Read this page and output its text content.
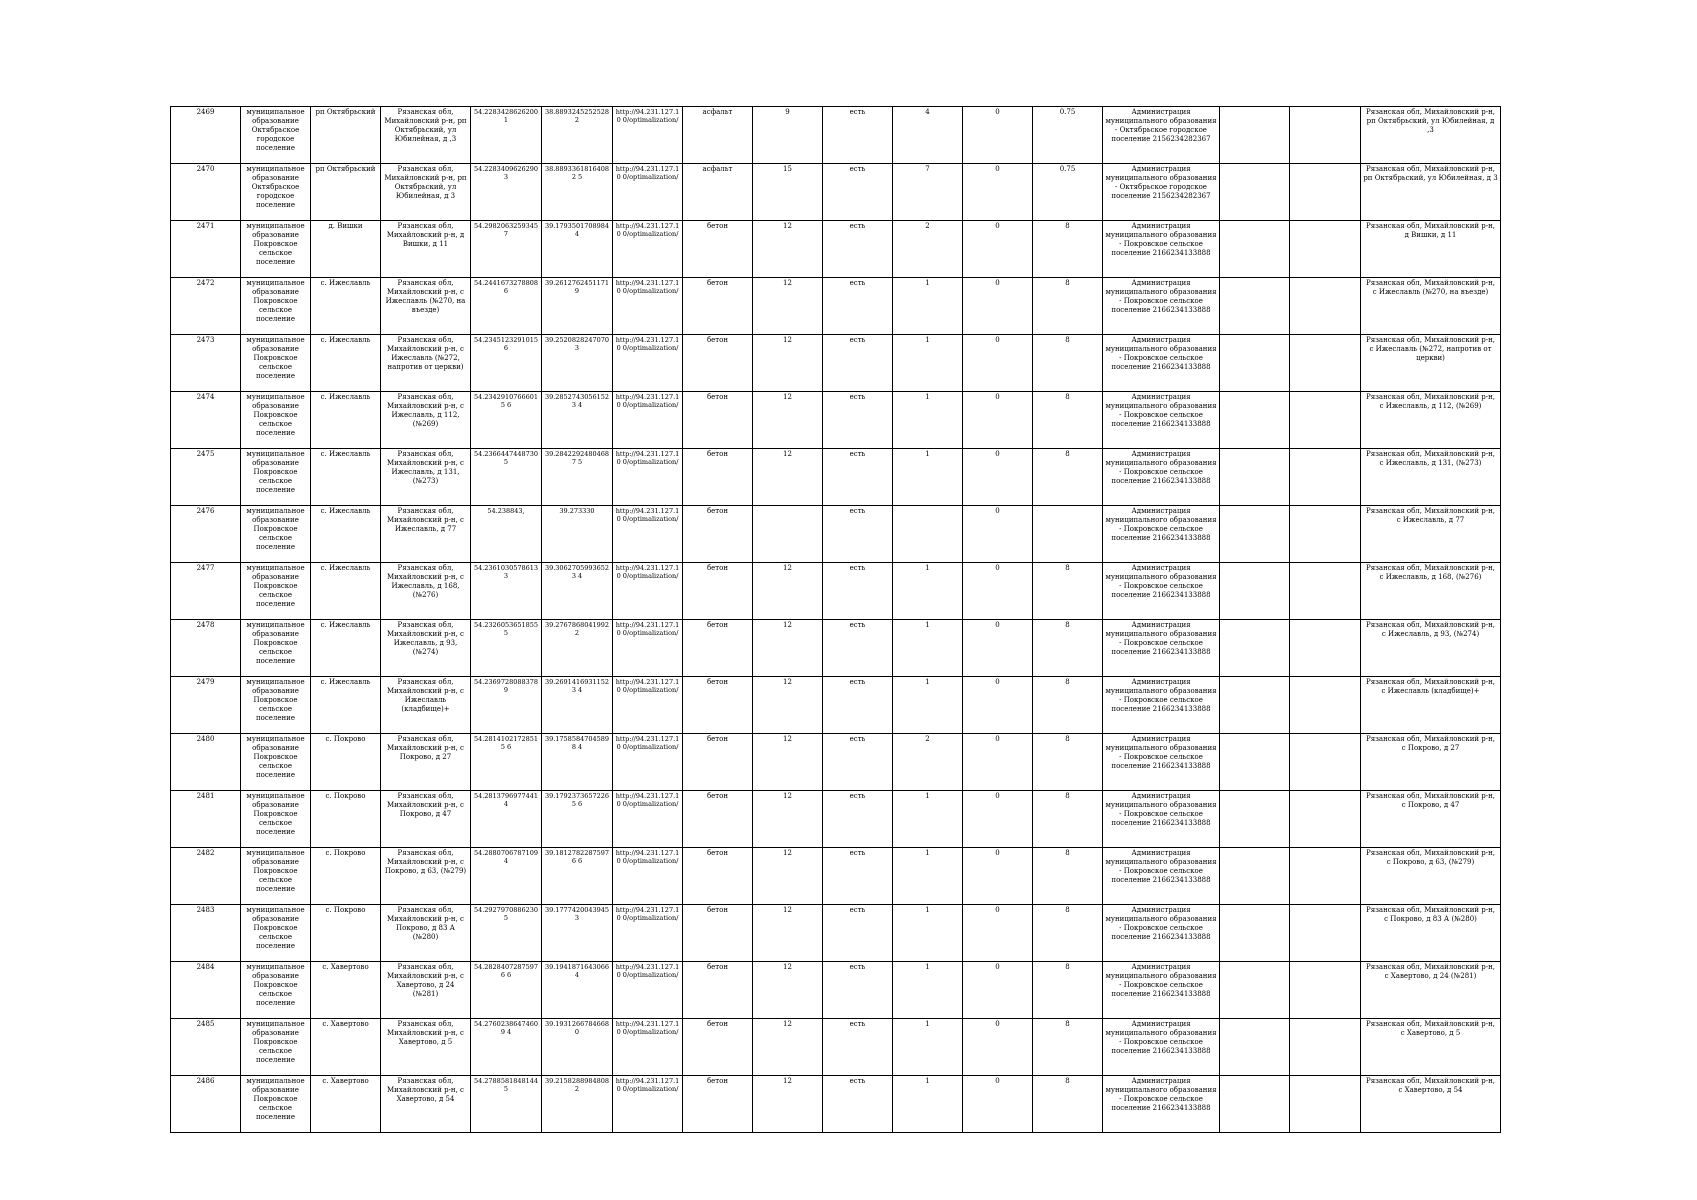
2469	муниципальное образование Октябрьское городское поселение	рп Октябрьский	Рязанская обл, Михайловский р-н, рп Октябрьский, ул Юбилейная, д ,3	54.22834286262001	38.88932452525282	http://94.231.127.10 0/optimalization/	асфальт	9	есть	4	0	0.75	Администрация муниципального образования - Октябрьское городское поселение 2156234282367			Рязанская обл, Михайловский р-н, рп Октябрьский, ул Юбилейная, д ,3
2470	муниципальное образование Октябрьское городское поселение	рп Октябрьский	Рязанская обл, Михайловский р-н, рп Октябрьский, ул Юбилейная, д 3	54.22834096262903	38.88933618164082 5	http://94.231.127.10 0/optimalization/	асфальт	15	есть	7	0	0.75	Администрация муниципального образования - Октябрьское городское поселение 2156234282367			Рязанская обл, Михайловский р-н, рп Октябрьский, ул Юбилейная, д 3
2471	муниципальное образование Покровское сельское поселение	д. Вишки	Рязанская обл, Михайловский р-н, д Вишки, д 11	54.29820632593457	39.17935017089844	http://94.231.127.10 0/optimalization/	бетон	12	есть	2	0	8	Администрация муниципального образования - Покровское сельское поселение 2166234133888			Рязанская обл, Михайловский р-н, д Вишки, д 11
2472	муниципальное образование Покровское сельское поселение	с. Ижеславль	Рязанская обл, Михайловский р-н, с Ижеславль (№270, на въезде)	54.24416732788086	39.26127624511719	http://94.231.127.10 0/optimalization/	бетон	12	есть	1	0	8	Администрация муниципального образования - Покровское сельское поселение 2166234133888			Рязанская обл, Михайловский р-н, с Ижеславль (№270, на въезде)
2473	муниципальное образование Покровское сельское поселение	с. Ижеславль	Рязанская обл, Михайловский р-н, с Ижеславль (№272, напротив от церкви)	54.23451232910156	39.25208282470703	http://94.231.127.10 0/optimalization/	бетон	12	есть	1	0	8	Администрация муниципального образования - Покровское сельское поселение 2166234133888			Рязанская обл, Михайловский р-н, с Ижеславль (№272, напротив от церкви)
2474	муниципальное образование Покровское сельское поселение	с. Ижеславль	Рязанская обл, Михайловский р-н, с Ижеславль, д 112, (№269)	54.23429107666015 6	39.28527430561523 4	http://94.231.127.10 0/optimalization/	бетон	12	есть	1	0	8	Администрация муниципального образования - Покровское сельское поселение 2166234133888			Рязанская обл, Михайловский р-н, с Ижеславль, д 112, (№269)
2475	муниципальное образование Покровское сельское поселение	с. Ижеславль	Рязанская обл, Михайловский р-н, с Ижеславль, д 131, (№273)	54.23664474487305	39.28422924804687 5	http://94.231.127.10 0/optimalization/	бетон	12	есть	1	0	8	Администрация муниципального образования - Покровское сельское поселение 2166234133888			Рязанская обл, Михайловский р-н, с Ижеславль, д 131, (№273)
2476	муниципальное образование Покровское сельское поселение	с. Ижеславль	Рязанская обл, Михайловский р-н, с Ижеславль, д 77	54.238843,	39.273330	http://94.231.127.10 0/optimalization/	бетон		есть		0		Администрация муниципального образования - Покровское сельское поселение 2166234133888			Рязанская обл, Михайловский р-н, с Ижеславль, д 77
2477	муниципальное образование Покровское сельское поселение	с. Ижеславль	Рязанская обл, Михайловский р-н, с Ижеславль, д 168, (№276)	54.23610305786133	39.30627059936523 4	http://94.231.127.10 0/optimalization/	бетон	12	есть	1	0	8	Администрация муниципального образования - Покровское сельское поселение 2166234133888			Рязанская обл, Михайловский р-н, с Ижеславль, д 168, (№276)
2478	муниципальное образование Покровское сельское поселение	с. Ижеславль	Рязанская обл, Михайловский р-н, с Ижеславль, д 93, (№274)	54.23260536518555	39.27678680419922	http://94.231.127.10 0/optimalization/	бетон	12	есть	1	0	8	Администрация муниципального образования - Покровское сельское поселение 2166234133888			Рязанская обл, Михайловский р-н, с Ижеславль, д 93, (№274)
2479	муниципальное образование Покровское сельское поселение	с. Ижеславль	Рязанская обл, Михайловский р-н, с Ижеславль (кладбище)+	54.23697280883789	39.26914169311523 4	http://94.231.127.10 0/optimalization/	бетон	12	есть	1	0	8	Администрация муниципального образования - Покровское сельское поселение 2166234133888			Рязанская обл, Михайловский р-н, с Ижеславль (кладбище)+
2480	муниципальное образование Покровское сельское поселение	с. Покрово	Рязанская обл, Михайловский р-н, с Покрово, д 27	54.28141021728515 6	39.17585847045898 4	http://94.231.127.10 0/optimalization/	бетон	12	есть	2	0	8	Администрация муниципального образования - Покровское сельское поселение 2166234133888			Рязанская обл, Михайловский р-н, с Покрово, д 27
2481	муниципальное образование Покровское сельское поселение	с. Покрово	Рязанская обл, Михайловский р-н, с Покрово, д 47	54.28137969774414	39.17923736572265 6	http://94.231.127.10 0/optimalization/	бетон	12	есть	1	0	8	Администрация муниципального образования - Покровское сельское поселение 2166234133888			Рязанская обл, Михайловский р-н, с Покрово, д 47
2482	муниципальное образование Покровское сельское поселение	с. Покрово	Рязанская обл, Михайловский р-н, с Покрово, д 63, (№279)	54.28807067871094	39.18127822875976 6	http://94.231.127.10 0/optimalization/	бетон	12	есть	1	0	8	Администрация муниципального образования - Покровское сельское поселение 2166234133888			Рязанская обл, Михайловский р-н, с Покрово, д 63, (№279)
2483	муниципальное образование Покровское сельское поселение	с. Покрово	Рязанская обл, Михайловский р-н, с Покрово, д 83 А (№280)	54.29279708862305	39.17774200439453	http://94.231.127.10 0/optimalization/	бетон	12	есть	1	0	8	Администрация муниципального образования - Покровское сельское поселение 2166234133888			Рязанская обл, Михайловский р-н, с Покрово, д 83 А (№280)
2484	муниципальное образование Покровское сельское поселение	с. Хавертово	Рязанская обл, Михайловский р-н, с Хавертово, д 24 (№281)	54.28284072875976 6	39.19418716430664	http://94.231.127.10 0/optimalization/	бетон	12	есть	1	0	8	Администрация муниципального образования - Покровское сельское поселение 2166234133888			Рязанская обл, Михайловский р-н, с Хавертово, д 24 (№281)
2485	муниципальное образование Покровское сельское поселение	с. Хавертово	Рязанская обл, Михайловский р-н, с Хавертово, д 5	54.27602386474609 4	39.19312667846680	http://94.231.127.10 0/optimalization/	бетон	12	есть	1	0	8	Администрация муниципального образования - Покровское сельское поселение 2166234133888			Рязанская обл, Михайловский р-н, с Хавертово, д 5
2486	муниципальное образование Покровское сельское поселение	с. Хавертово	Рязанская обл, Михайловский р-н, с Хавертово, д 54	54.27885818481445	39.21582889848082	http://94.231.127.10 0/optimalization/	бетон	12	есть	1	0	8	Администрация муниципального образования - Покровское сельское поселение 2166234133888			Рязанская обл, Михайловский р-н, с Хавертово, д 54
